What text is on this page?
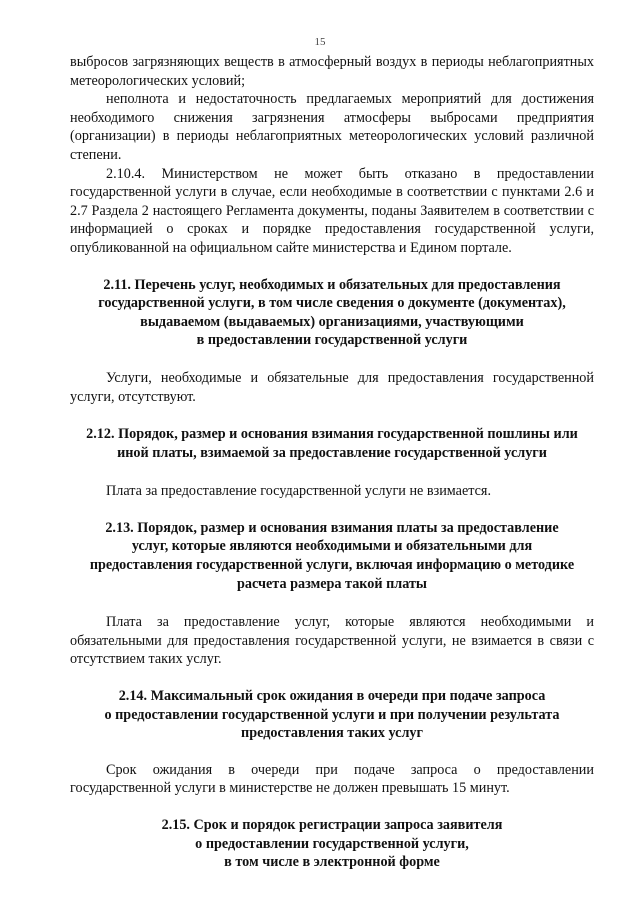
15

выбросов загрязняющих веществ в атмосферный воздух в периоды неблагоприятных метеорологических условий;

неполнота и недостаточность предлагаемых мероприятий для достижения необходимого снижения загрязнения атмосферы выбросами предприятия (организации) в периоды неблагоприятных метеорологических условий различной степени.

2.10.4. Министерством не может быть отказано в предоставлении государственной услуги в случае, если необходимые в соответствии с пунктами 2.6 и 2.7 Раздела 2 настоящего Регламента документы, поданы Заявителем в соответствии с информацией о сроках и порядке предоставления государственной услуги, опубликованной на официальном сайте министерства и Едином портале.

2.11. Перечень услуг, необходимых и обязательных для предоставления
государственной услуги, в том числе сведения о документе (документах),
выдаваемом (выдаваемых) организациями, участвующими
в предоставлении государственной услуги

Услуги, необходимые и обязательные для предоставления государственной услуги, отсутствуют.

2.12. Порядок, размер и основания взимания государственной пошлины или
иной платы, взимаемой за предоставление государственной услуги

Плата за предоставление государственной услуги не взимается.

2.13. Порядок, размер и основания взимания платы за предоставление
услуг, которые являются необходимыми и обязательными для
предоставления государственной услуги, включая информацию о методике
расчета размера такой платы

Плата за предоставление услуг, которые являются необходимыми и обязательными для предоставления государственной услуги, не взимается в связи с отсутствием таких услуг.

2.14. Максимальный срок ожидания в очереди при подаче запроса
о предоставлении государственной услуги и при получении результата
предоставления таких услуг

Срок ожидания в очереди при подаче запроса о предоставлении государственной услуги в министерстве не должен превышать 15 минут.

2.15. Срок и порядок регистрации запроса заявителя
о предоставлении государственной услуги,
в том числе в электронной форме
